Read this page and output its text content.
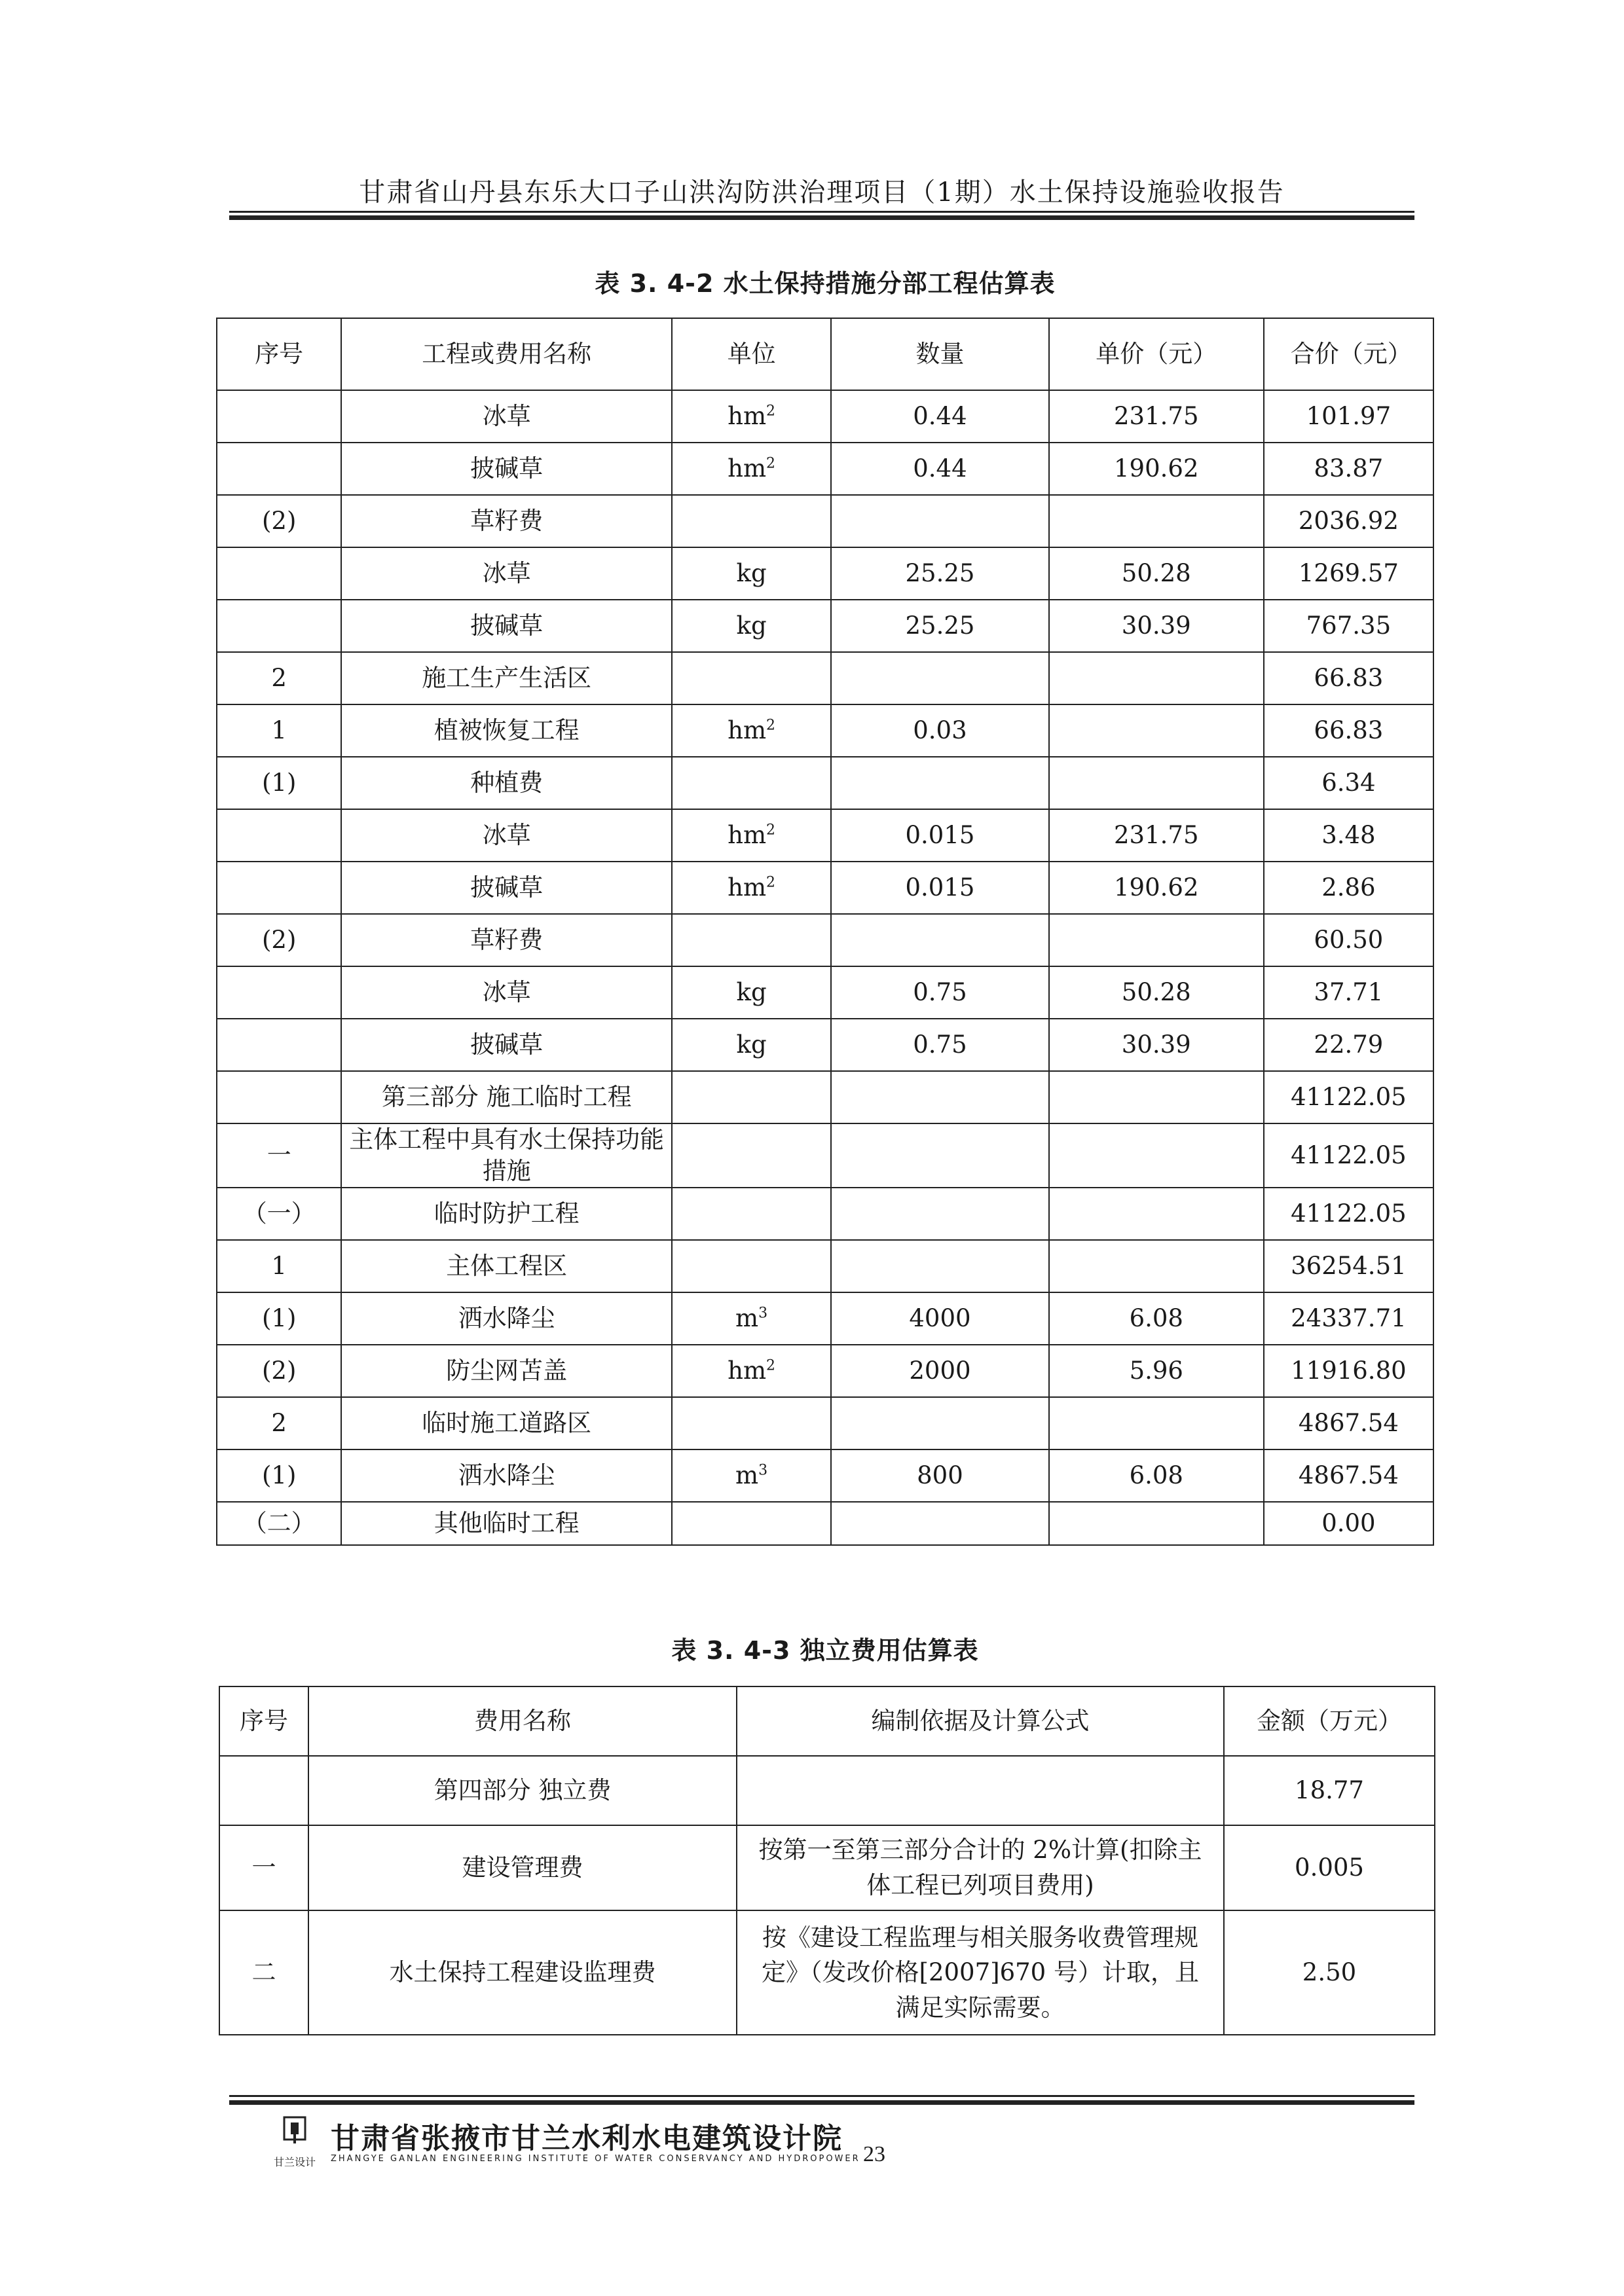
甘肃省山丹县东乐大口子山洪沟防洪治理项目（1期）水土保持设施验收报告
表 3. 4-2 水土保持措施分部工程估算表
序号	工程或费用名称	单位	数量	单价（元）	合价（元）
	冰草	$hm^2$	0.44	231.75	101.97
	披碱草	$hm^2$	0.44	190.62	83.87
(2)	草籽费				2036.92
	冰草	kg	25.25	50.28	1269.57
	披碱草	kg	25.25	30.39	767.35
2	施工生产生活区				66.83
1	植被恢复工程	$hm^2$	0.03		66.83
(1)	种植费				6.34
	冰草	$hm^2$	0.015	231.75	3.48
	披碱草	$hm^2$	0.015	190.62	2.86
(2)	草籽费				60.50
	冰草	kg	0.75	50.28	37.71
	披碱草	kg	0.75	30.39	22.79
	第三部分 施工临时工程				41122.05
一	主体工程中具有水土保持功能措施				41122.05
（一）	临时防护工程				41122.05
1	主体工程区				36254.51
(1)	洒水降尘	$m^3$	4000	6.08	24337.71
(2)	防尘网苫盖	$hm^2$	2000	5.96	11916.80
2	临时施工道路区				4867.54
(1)	洒水降尘	$m^3$	800	6.08	4867.54
（二）	其他临时工程				0.00
表 3. 4-3 独立费用估算表
序号	费用名称	编制依据及计算公式	金额（万元）
	第四部分 独立费		18.77
一	建设管理费	按第一至第三部分合计的 2%计算(扣除主体工程已列项目费用)	0.005
二	水土保持工程建设监理费	按《建设工程监理与相关服务收费管理规定》（发改价格[2007]670 号）计取，且满足实际需要。	2.50
甘兰设计
甘肃省张掖市甘兰水利水电建筑设计院
ZHANGYE GANLAN ENGINEERING INSTITUTE OF WATER CONSERVANCY AND HYDROPOWER 23
